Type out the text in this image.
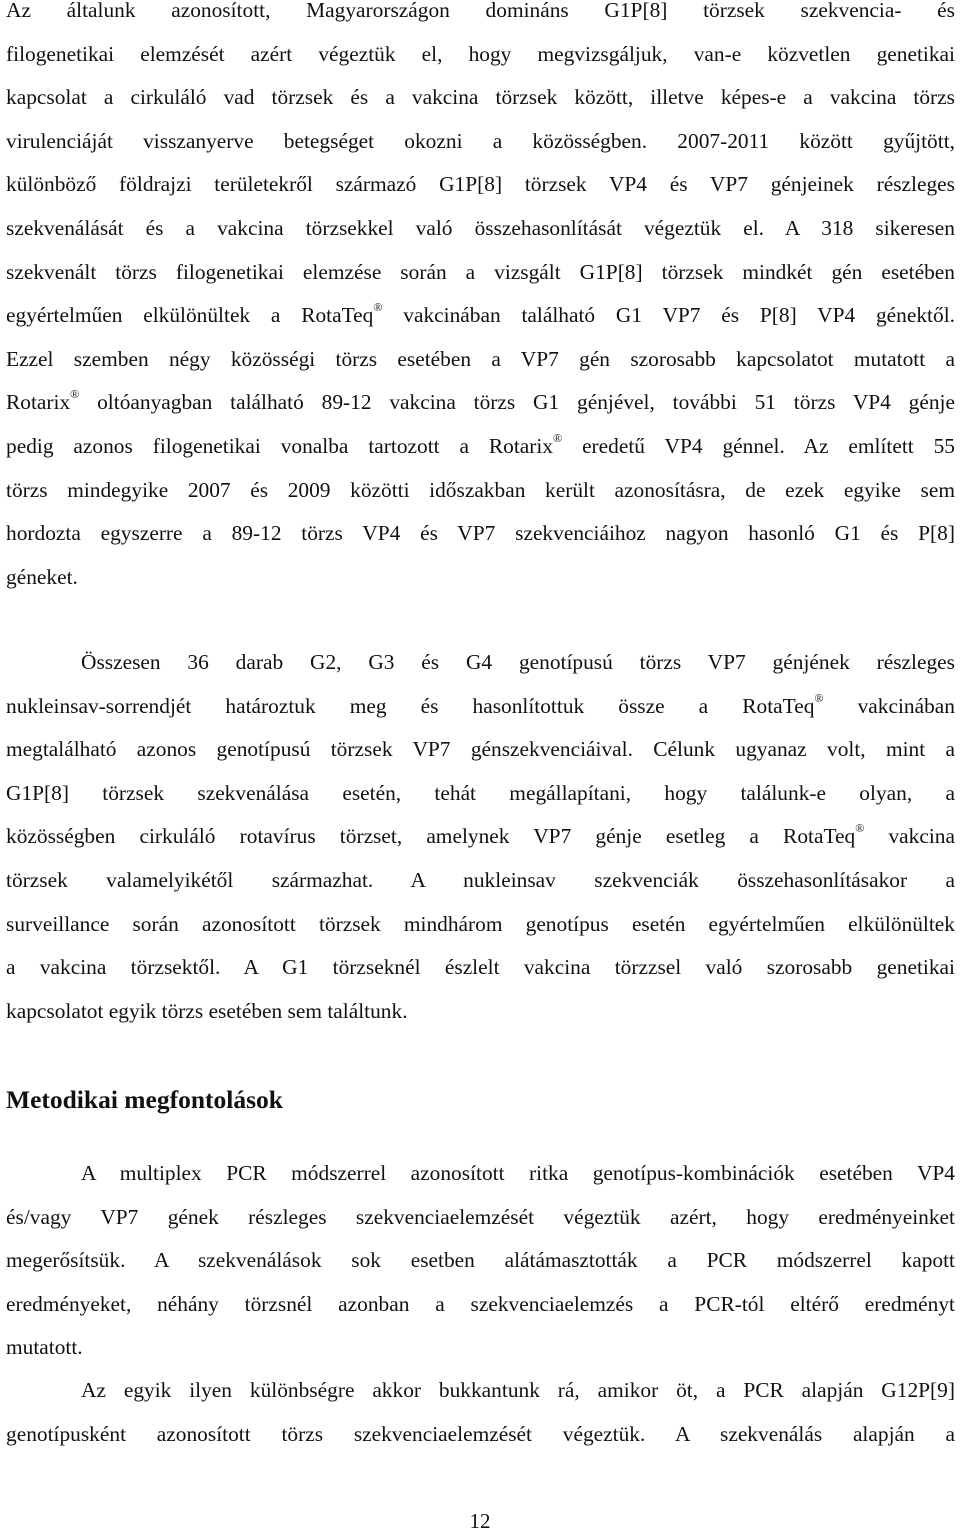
Az általunk azonosított, Magyarországon domináns G1P[8] törzsek szekvencia- és
filogenetikai elemzését azért végeztük el, hogy megvizsgáljuk, van-e közvetlen genetikai
kapcsolat a cirkuláló vad törzsek és a vakcina törzsek között, illetve képes-e a vakcina törzs
virulenciáját visszanyerve betegséget okozni a közösségben. 2007-2011 között gyűjtött,
különböző földrajzi területekről származó G1P[8] törzsek VP4 és VP7 génjeinek részleges
szekvenálását és a vakcina törzsekkel való összehasonlítását végeztük el. A 318 sikeresen
szekvenált törzs filogenetikai elemzése során a vizsgált G1P[8] törzsek mindkét gén esetében
egyértelműen elkülönültek a RotaTeq® vakcinában található G1 VP7 és P[8] VP4 génektől.
Ezzel szemben négy közösségi törzs esetében a VP7 gén szorosabb kapcsolatot mutatott a
Rotarix® oltóanyagban található 89-12 vakcina törzs G1 génjével, további 51 törzs VP4 génje
pedig azonos filogenetikai vonalba tartozott a Rotarix® eredetű VP4 génnel. Az említett 55
törzs mindegyike 2007 és 2009 közötti időszakban került azonosításra, de ezek egyike sem
hordozta egyszerre a 89-12 törzs VP4 és VP7 szekvenciáihoz nagyon hasonló G1 és P[8]
géneket.

Összesen 36 darab G2, G3 és G4 genotípusú törzs VP7 génjének részleges
nukleinsav-sorrendjét határoztuk meg és hasonlítottuk össze a RotaTeq® vakcinában
megtalálható azonos genotípusú törzsek VP7 génszekvenciáival. Célunk ugyanaz volt, mint a
G1P[8] törzsek szekvenálása esetén, tehát megállapítani, hogy találunk-e olyan, a
közösségben cirkuláló rotavírus törzset, amelynek VP7 génje esetleg a RotaTeq® vakcina
törzsek valamelyikétől származhat. A nukleinsav szekvenciák összehasonlításakor a
surveillance során azonosított törzsek mindhárom genotípus esetén egyértelműen elkülönültek
a vakcina törzsektől. A G1 törzseknél észlelt vakcina törzzsel való szorosabb genetikai
kapcsolatot egyik törzs esetében sem találtunk.

Metodikai megfontolások

A multiplex PCR módszerrel azonosított ritka genotípus-kombinációk esetében VP4
és/vagy VP7 gének részleges szekvenciaelemzését végeztük azért, hogy eredményeinket
megerősítsük. A szekvenálások sok esetben alátámasztották a PCR módszerrel kapott
eredményeket, néhány törzsnél azonban a szekvenciaelemzés a PCR-tól eltérő eredményt
mutatott.

Az egyik ilyen különbségre akkor bukkantunk rá, amikor öt, a PCR alapján G12P[9]
genotípusként azonosított törzs szekvenciaelemzését végeztük. A szekvenálás alapján a

12
